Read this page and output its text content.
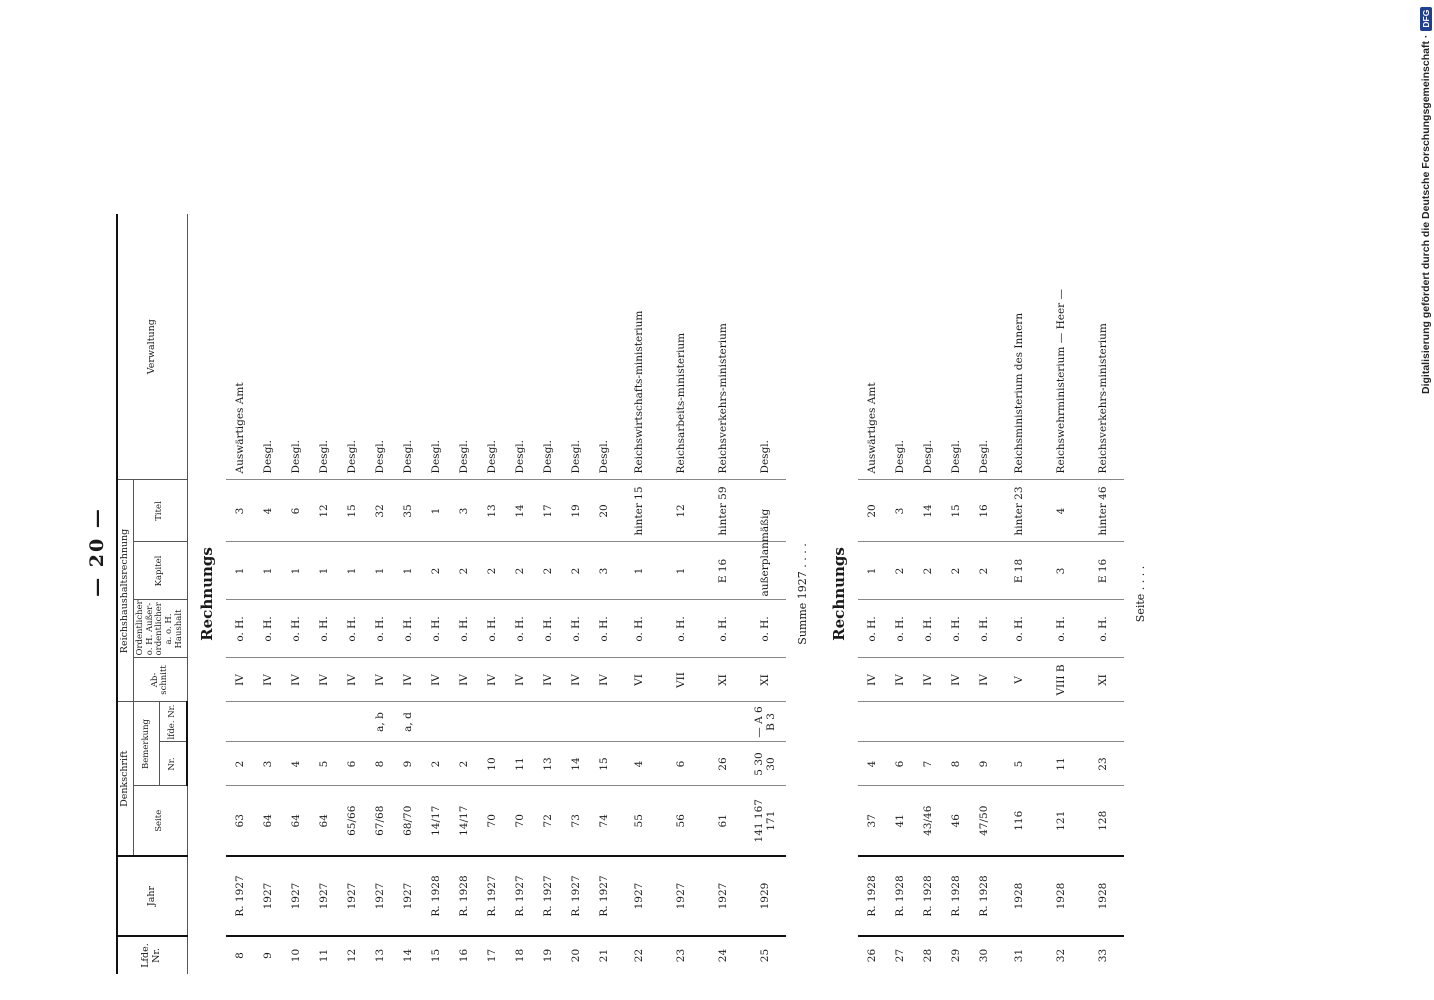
— 20 —
Lfde. Nr.	Jahr	Denkschrift			Reichshaushaltsrechnung				Verwaltung
		Seite	Bemerkung		Ab-schnitt	Ordentlicher o. H. Außer-ordentlicher a. o. H. Haushalt	Kapitel	Titel	
			Nr.	lfde. Nr.					
Rechnungs									
8	R. 1927	63	2		IV	o. H.	1	3	Auswärtiges Amt
9	1927	64	3		IV	o. H.	1	4	Desgl.
10	1927	64	4		IV	o. H.	1	6	Desgl.
11	1927	64	5		IV	o. H.	1	12	Desgl.
12	1927	65/66	6		IV	o. H.	1	15	Desgl.
13	1927	67/68	8	a, b	IV	o. H.	1	32	Desgl.
14	1927	68/70	9	a, d	IV	o. H.	1	35	Desgl.
15	R. 1928	14/17	2		IV	o. H.	2	1	Desgl.
16	R. 1928	14/17	2		IV	o. H.	2	3	Desgl.
17	R. 1927	70	10		IV	o. H.	2	13	Desgl.
18	R. 1927	70	11		IV	o. H.	2	14	Desgl.
19	R. 1927	72	13		IV	o. H.	2	17	Desgl.
20	R. 1927	73	14		IV	o. H.	2	19	Desgl.
21	R. 1927	74	15		IV	o. H.	3	20	Desgl.
22	1927	55	4		VI	o. H.	1	hinter 15	Reichswirtschafts-ministerium
23	1927	56	6		VII	o. H.	1	12	Reichsarbeits-ministerium
24	1927	61	26		XI	o. H.	E 16	hinter 59	Reichsverkehrs-ministerium
25	1929	141 167 171	5 30 30	— A 6 B 3	XI	o. H.	außerplanmäßig		Desgl.
Summe 1927 . . . .									
Rechnungs									
26	R. 1928	37	4		IV	o. H.	1	20	Auswärtiges Amt
27	R. 1928	41	6		IV	o. H.	2	3	Desgl.
28	R. 1928	43/46	7		IV	o. H.	2	14	Desgl.
29	R. 1928	46	8		IV	o. H.	2	15	Desgl.
30	R. 1928	47/50	9		IV	o. H.	2	16	Desgl.
31	1928	116	5		V	o. H.	E 18	hinter 23	Reichsministerium des Innern
32	1928	121	11		VIII B	o. H.	3	4	Reichswehrministerium — Heer —
33	1928	128	23		XI	o. H.	E 16	hinter 46	Reichsverkehrs-ministerium
Seite . . . .									
Digitalisierung gefördert durch die Deutsche Forschungsgemeinschaft ·
DFG
